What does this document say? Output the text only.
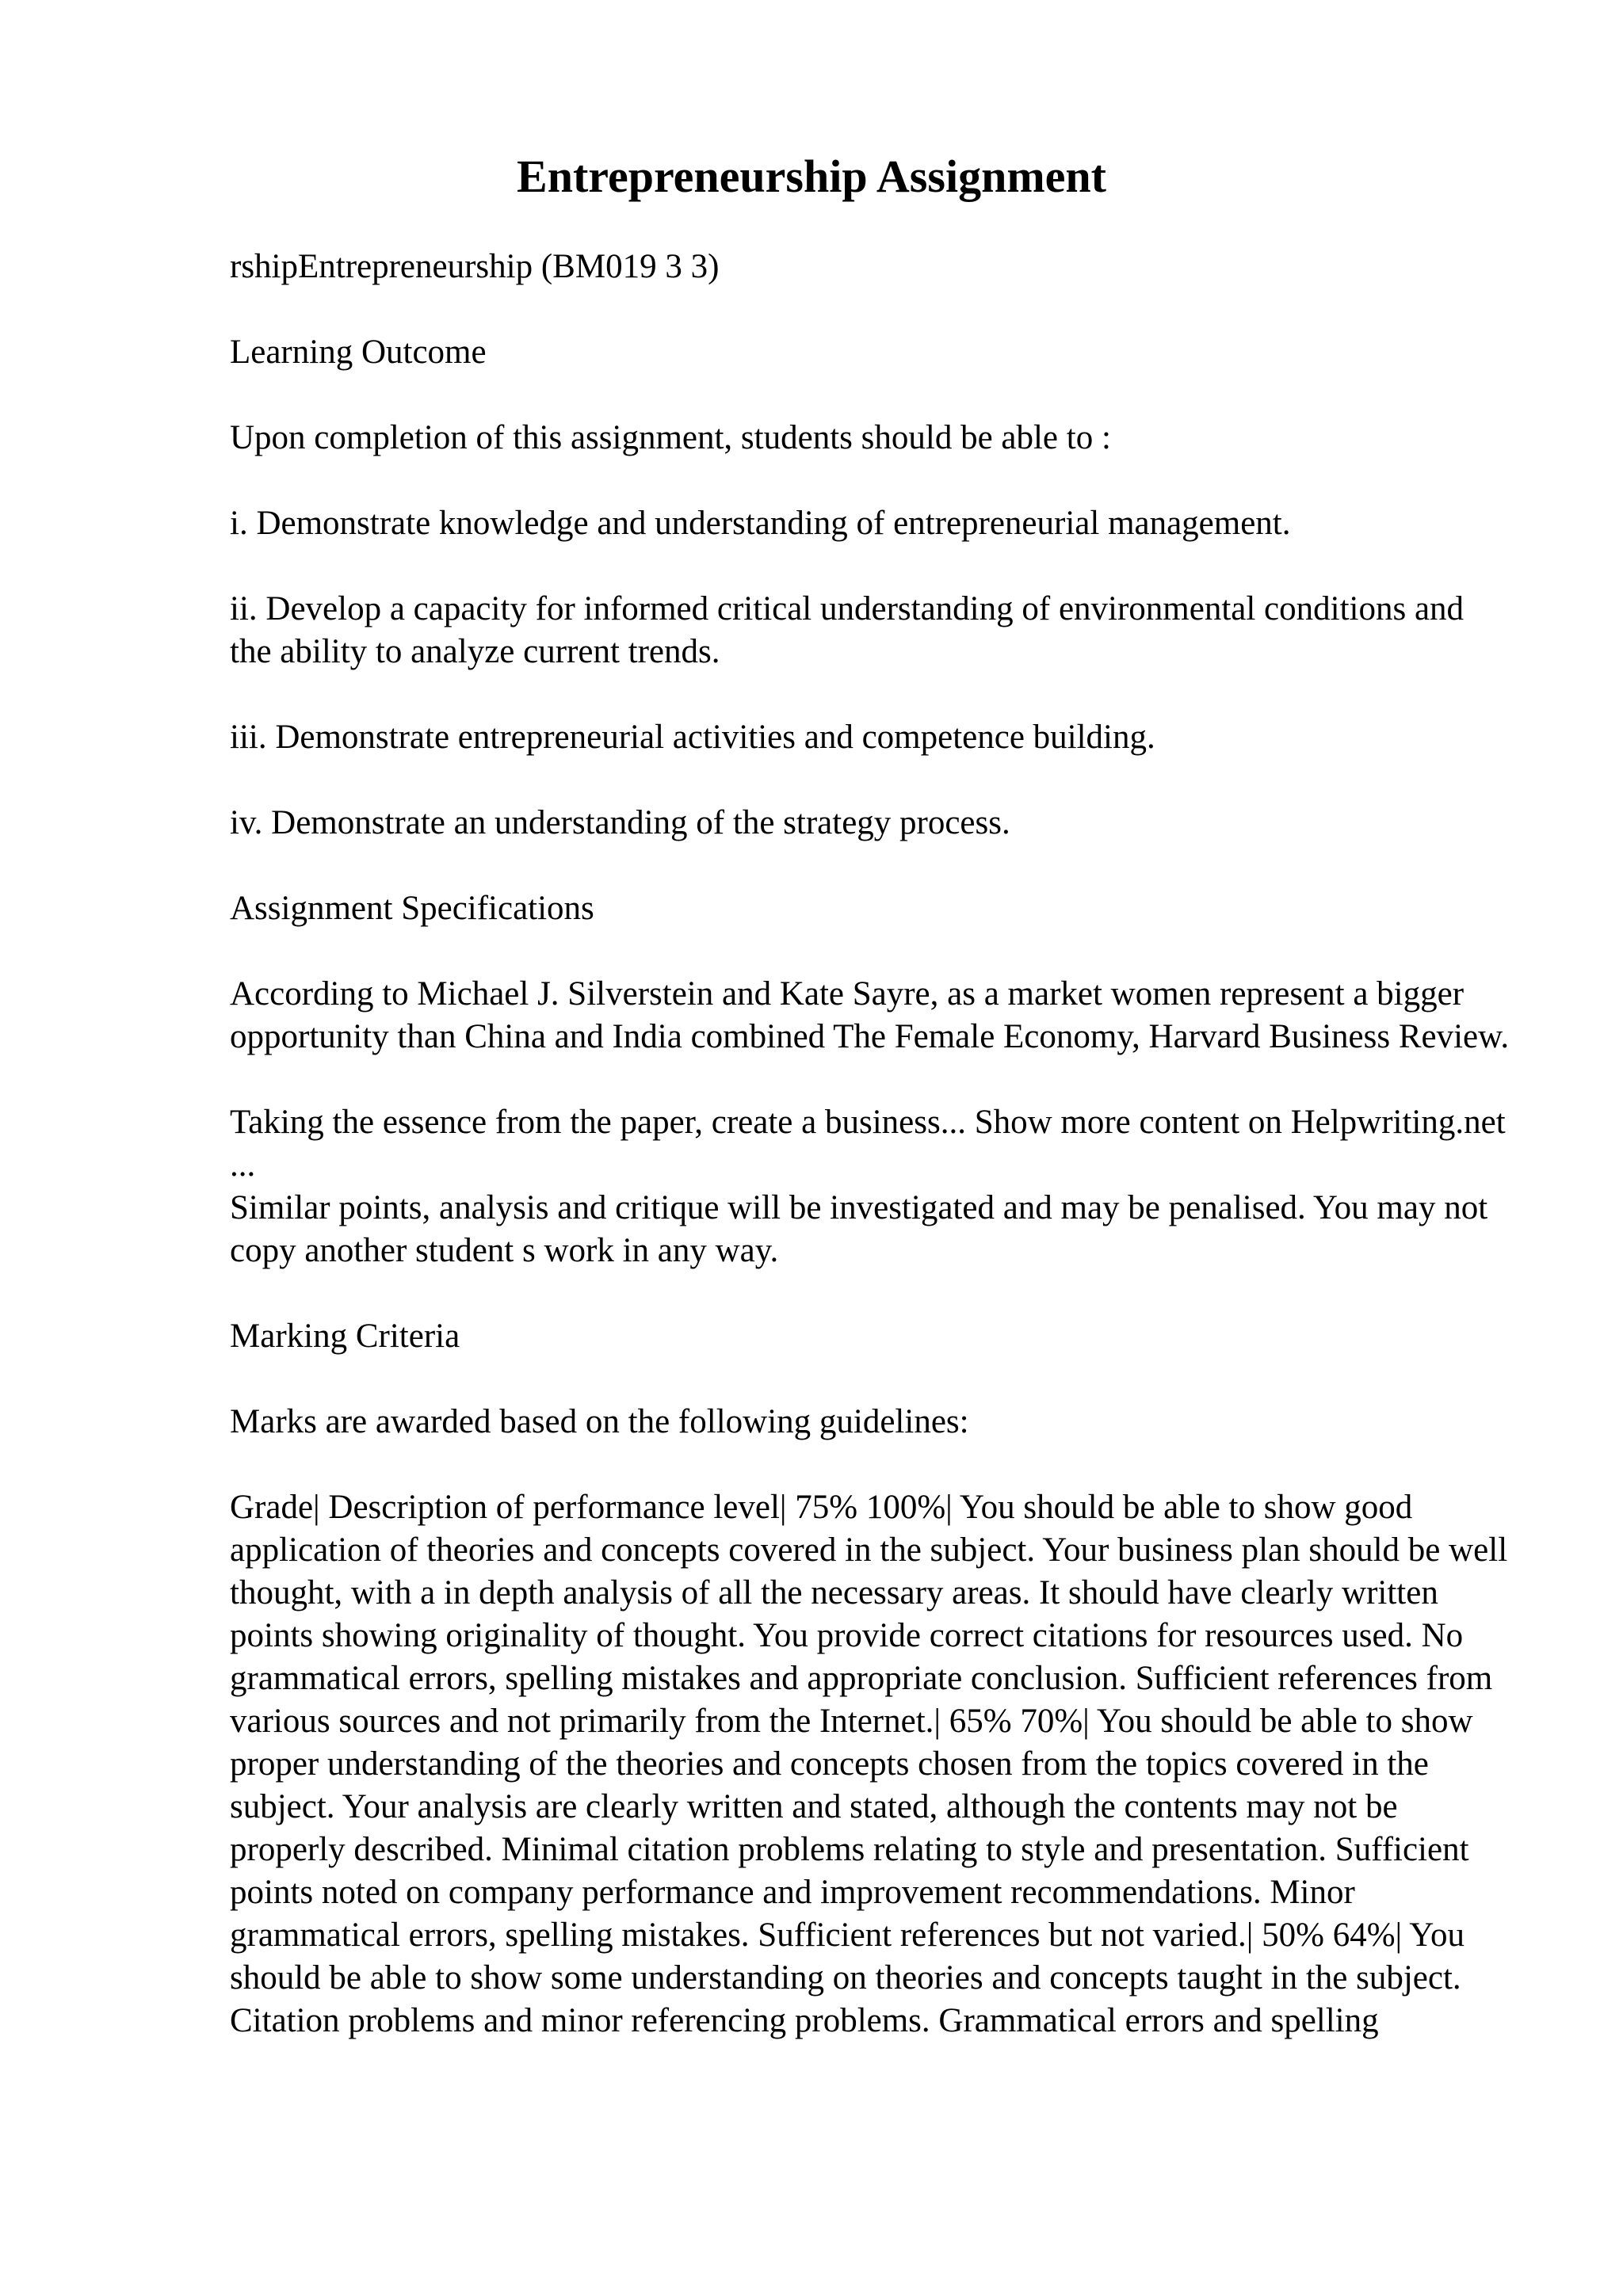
Entrepreneurship Assignment

rshipEntrepreneurship (BM019 3 3)

Learning Outcome

Upon completion of this assignment, students should be able to :

i. Demonstrate knowledge and understanding of entrepreneurial management.

ii. Develop a capacity for informed critical understanding of environmental conditions and the ability to analyze current trends.

iii. Demonstrate entrepreneurial activities and competence building.

iv. Demonstrate an understanding of the strategy process.

Assignment Specifications

According to Michael J. Silverstein and Kate Sayre, as a market women represent a bigger opportunity than China and India combined The Female Economy, Harvard Business Review.

Taking the essence from the paper, create a business... Show more content on Helpwriting.net ...

Similar points, analysis and critique will be investigated and may be penalised. You may not copy another student s work in any way.

Marking Criteria

Marks are awarded based on the following guidelines:

Grade| Description of performance level| 75% 100%| You should be able to show good application of theories and concepts covered in the subject. Your business plan should be well thought, with a in depth analysis of all the necessary areas. It should have clearly written points showing originality of thought. You provide correct citations for resources used. No grammatical errors, spelling mistakes and appropriate conclusion. Sufficient references from various sources and not primarily from the Internet.| 65% 70%| You should be able to show proper understanding of the theories and concepts chosen from the topics covered in the subject. Your analysis are clearly written and stated, although the contents may not be properly described. Minimal citation problems relating to style and presentation. Sufficient points noted on company performance and improvement recommendations. Minor grammatical errors, spelling mistakes. Sufficient references but not varied.| 50% 64%| You should be able to show some understanding on theories and concepts taught in the subject. Citation problems and minor referencing problems. Grammatical errors and spelling
